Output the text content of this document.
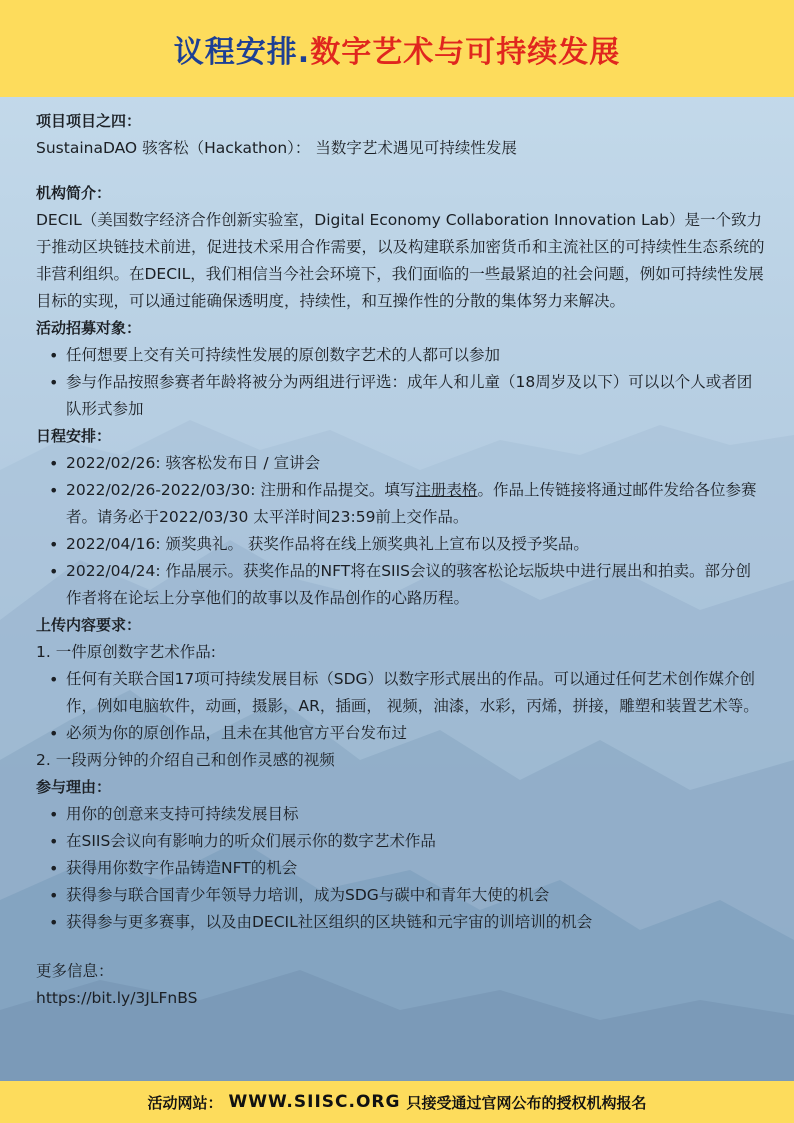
议程安排.数字艺术与可持续发展
项目项目之四：
SustainaDAO 骇客松（Hackathon）： 当数字艺术遇见可持续性发展
机构简介：
DECIL（美国数字经济合作创新实验室，Digital Economy Collaboration Innovation Lab）是一个致力于推动区块链技术前进，促进技术采用合作需要，以及构建联系加密货币和主流社区的可持续性生态系统的非营利组织。在DECIL，我们相信当今社会环境下，我们面临的一些最紧迫的社会问题，例如可持续性发展目标的实现，可以通过能确保透明度，持续性，和互操作性的分散的集体努力来解决。
活动招募对象：
• 任何想要上交有关可持续性发展的原创数字艺术的人都可以参加
• 参与作品按照参赛者年龄将被分为两组进行评选：成年人和儿童（18周岁及以下）可以以个人或者团队形式参加
日程安排：
• 2022/02/26: 骇客松发布日 / 宣讲会
• 2022/02/26-2022/03/30: 注册和作品提交。填写注册表格。作品上传链接将通过邮件发给各位参赛者。请务必于2022/03/30 太平洋时间23:59前上交作品。
• 2022/04/16: 颁奖典礼。 获奖作品将在线上颁奖典礼上宣布以及授予奖品。
• 2022/04/24: 作品展示。获奖作品的NFT将在SIIS会议的骇客松论坛版块中进行展出和拍卖。部分创作者将在论坛上分享他们的故事以及作品创作的心路历程。
上传内容要求：
1. 一件原创数字艺术作品:
• 任何有关联合国17项可持续发展目标（SDG）以数字形式展出的作品。可以通过任何艺术创作媒介创作，例如电脑软件，动画，摄影，AR，插画， 视频，油漆，水彩，丙烯，拼接，雕塑和装置艺术等。
• 必须为你的原创作品，且未在其他官方平台发布过
2. 一段两分钟的介绍自己和创作灵感的视频
参与理由：
• 用你的创意来支持可持续发展目标
• 在SIIS会议向有影响力的听众们展示你的数字艺术作品
• 获得用你数字作品铸造NFT的机会
• 获得参与联合国青少年领导力培训，成为SDG与碳中和青年大使的机会
• 获得参与更多赛事，以及由DECIL社区组织的区块链和元宇宙的训培训的机会
更多信息：
https://bit.ly/3JLFnBS
活动网站： WWW.SIISC.ORG 只接受通过官网公布的授权机构报名
